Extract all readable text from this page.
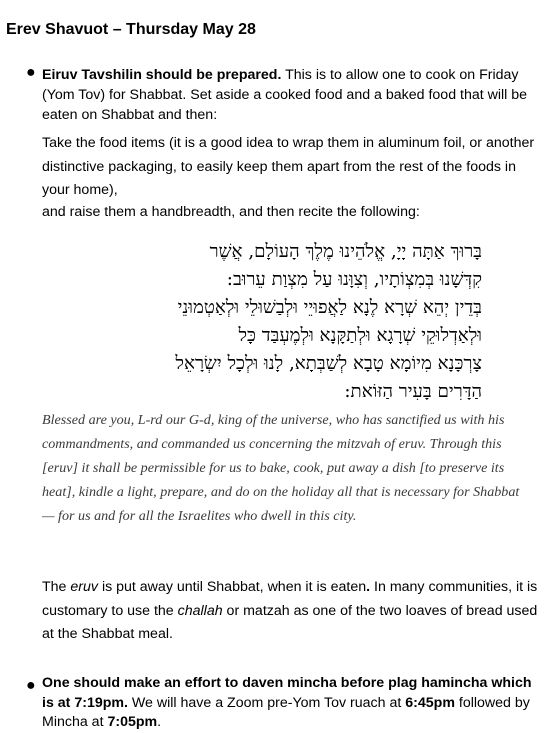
Erev Shavuot – Thursday May 28
● Eiruv Tavshilin should be prepared. This is to allow one to cook on Friday (Yom Tov) for Shabbat. Set aside a cooked food and a baked food that will be eaten on Shabbat and then:
Take the food items (it is a good idea to wrap them in aluminum foil, or another distinctive packaging, to easily keep them apart from the rest of the foods in your home),
and raise them a handbreadth, and then recite the following:
בָּרוּךְ אַתָּה יָיָ, אֱלֹהֵינוּ מֶלֶךְ הָעוֹלָם, אֲשֶׁר
קִדְּשָׁנוּ בְּמִצְוֹתָיו, וְצִוָּנוּ עַל מִצְוַת עֵרוּב:
בְּדֵין יְהֵא שְׁרָא לֶנָא לַאֲפוּיֵי וּלְבַשׁוּלֵי וּלְאַטְמוּנֵי
וּלְאַדְלוּקֵי שְׁרָגָא וּלְתַקָּנָא וּלְמֶעְבַּד כָּל
צָרְכָּנָא מִיוֹמָא טָבָא לְשַׁבְּתָא, לָנוּ וּלְכָל יִשְׂרָאֵל
הַדָּרִים בָּעִיר הַזּוֹאת:
Blessed are you, L-rd our G-d, king of the universe, who has sanctified us with his commandments, and commanded us concerning the mitzvah of eruv. Through this [eruv] it shall be permissible for us to bake, cook, put away a dish [to preserve its heat], kindle a light, prepare, and do on the holiday all that is necessary for Shabbat — for us and for all the Israelites who dwell in this city.
The eruv is put away until Shabbat, when it is eaten. In many communities, it is customary to use the challah or matzah as one of the two loaves of bread used at the Shabbat meal.
● One should make an effort to daven mincha before plag hamincha which is at 7:19pm. We will have a Zoom pre-Yom Tov ruach at 6:45pm followed by Mincha at 7:05pm.
